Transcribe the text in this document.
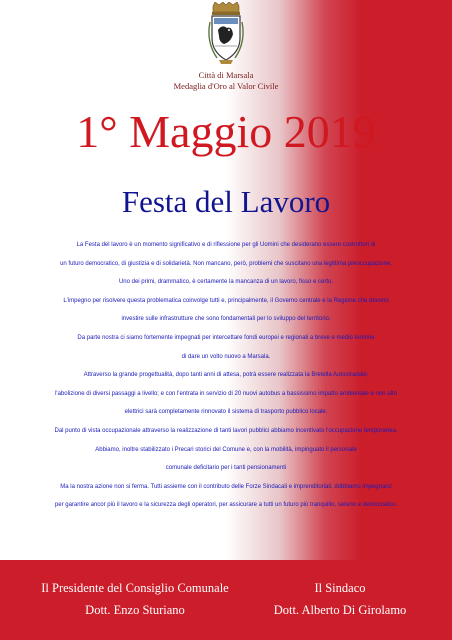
Città di Marsala
Medaglia d'Oro al Valor Civile
1° Maggio 2019
Festa del Lavoro
La Festa del lavoro è un momento significativo e di riflessione per gli Uomini che desiderano essere costruttori di
un futuro democratico, di giustizia e di solidarietà. Non mancano, però, problemi che suscitano una legittima preoccupazione.
Uno dei primi, drammatico, è certamente la mancanza di un lavoro, fisso e certo.
L'impegno per risolvere questa problematica coinvolge tutti e, principalmente, il Governo centrale e la Regione che devono
investire sulle infrastrutture che sono fondamentali per lo sviluppo del territorio.
Da parte nostra ci siamo fortemente impegnati per intercettare fondi europei e regionali a breve e medio termine
di dare un volto nuovo a Marsala.
Attraverso la grande progettualità, dopo tanti anni di attesa, potrà essere realizzata la Bretella Autostradale;
l'abolizione di diversi passaggi a livello; e con l'entrata in servizio di 20 nuovi autobus a bassissimo impatto ambientale e non altri
elettrici sarà completamente rinnovato il sistema di trasporto pubblico locale.
Dal punto di vista occupazionale attraverso la realizzazione di tanti lavori pubblici abbiamo incentivato l'occupazione temporanea.
Abbiamo, inoltre stabilizzato i Precari storici del Comune e, con la mobilità, impinguato il personale
comunale deficitario per i tanti pensionamenti
Ma la nostra azione non si ferma. Tutti assieme con il contributo delle Forze Sindacali e imprenditoriali, dobbiamo impegnarci
per garantire ancor più il lavoro e la sicurezza degli operatori, per assicurare a tutti un futuro più tranquillo, sereno e democratico.
Il Presidente del Consiglio Comunale
Dott. Enzo Sturiano
Il Sindaco
Dott. Alberto Di Girolamo
